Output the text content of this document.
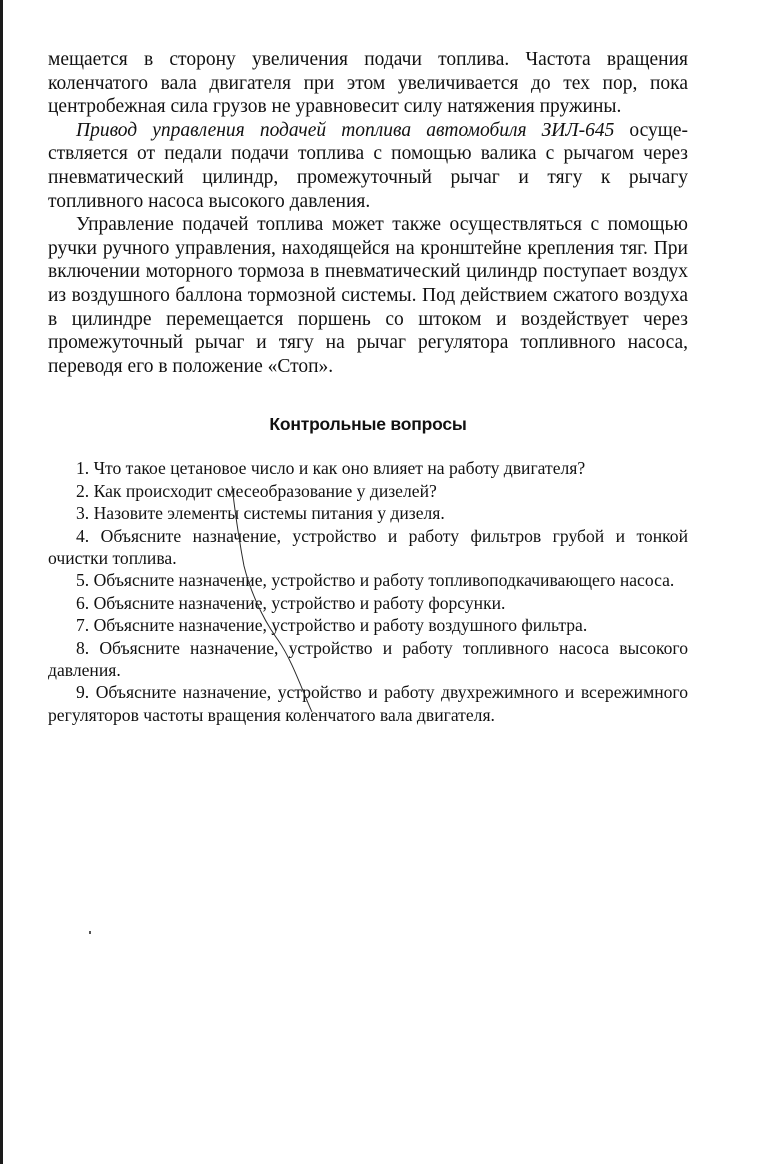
мещается в сторону увеличения подачи топлива. Частота вращения коленчатого вала двигателя при этом увеличивается до тех пор, пока центробежная сила грузов не уравновесит силу натяжения пружины.

Привод управления подачей топлива автомобиля ЗИЛ-645 осуществляется от педали подачи топлива с помощью валика с рычагом через пневматический цилиндр, промежуточный рычаг и тягу к рычагу топливного насоса высокого давления.

Управление подачей топлива может также осуществляться с помощью ручки ручного управления, находящейся на кронштейне крепления тяг. При включении моторного тормоза в пневматический цилиндр поступает воздух из воздушного баллона тормозной системы. Под действием сжатого воздуха в цилиндре перемещается поршень со штоком и воздействует через промежуточный рычаг и тягу на рычаг регулятора топливного насоса, переводя его в положение «Стоп».

Контрольные вопросы
1. Что такое цетановое число и как оно влияет на работу двигателя?
2. Как происходит смесеобразование у дизелей?
3. Назовите элементы системы питания у дизеля.
4. Объясните назначение, устройство и работу фильтров грубой и тонкой очистки топлива.
5. Объясните назначение, устройство и работу топливоподкачивающего насоса.
6. Объясните назначение, устройство и работу форсунки.
7. Объясните назначение, устройство и работу воздушного фильтра.
8. Объясните назначение, устройство и работу топливного насоса высокого давления.
9. Объясните назначение, устройство и работу двухрежимного и всережимного регуляторов частоты вращения коленчатого вала двигателя.
